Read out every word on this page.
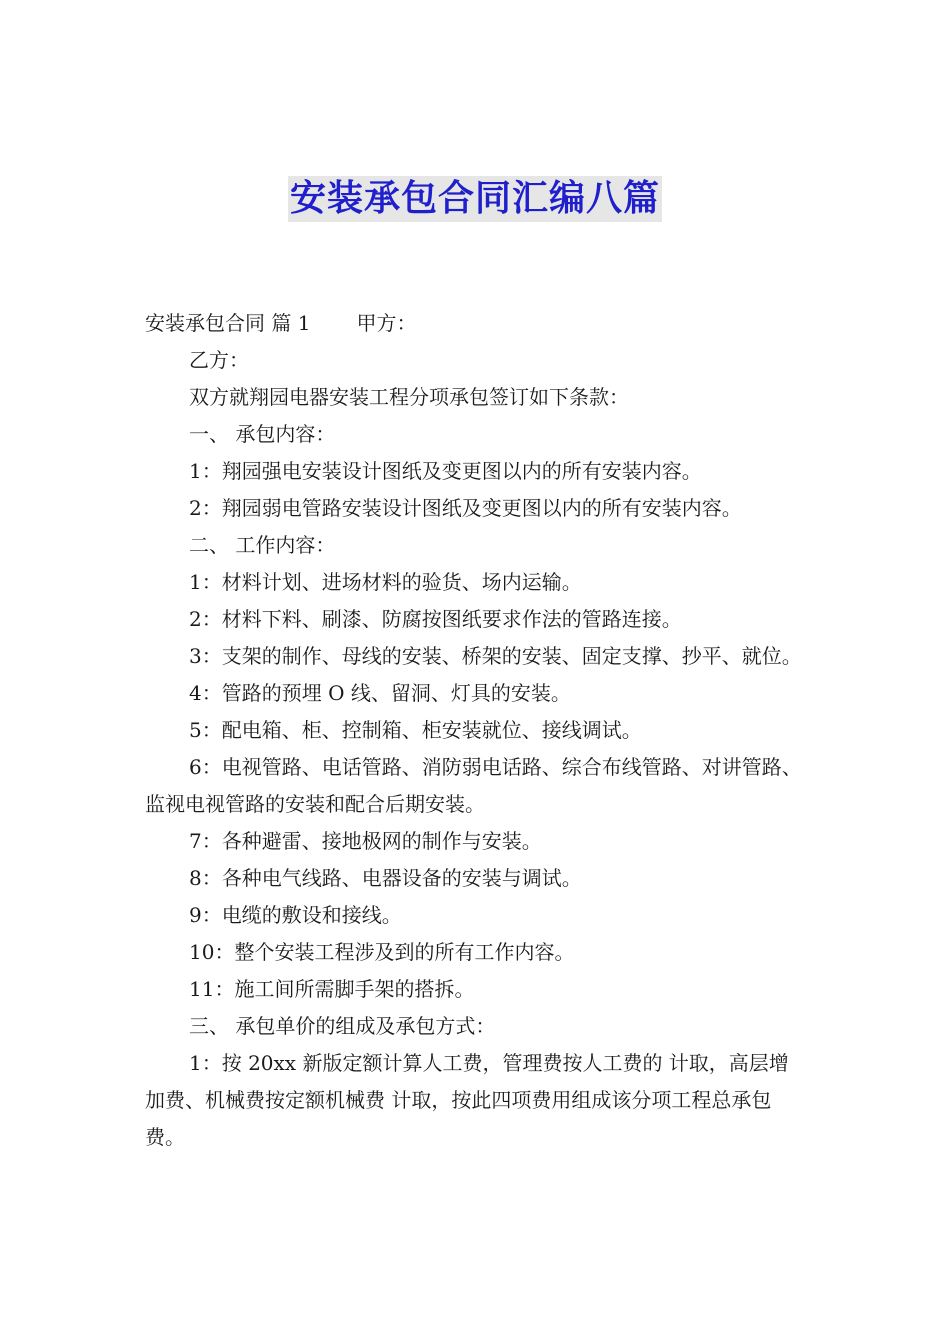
安装承包合同汇编八篇

安装承包合同 篇 1 甲方：

乙方：

双方就翔园电器安装工程分项承包签订如下条款：

一、 承包内容：

1：翔园强电安装设计图纸及变更图以内的所有安装内容。

2：翔园弱电管路安装设计图纸及变更图以内的所有安装内容。

二、 工作内容：

1：材料计划、进场材料的验货、场内运输。

2：材料下料、刷漆、防腐按图纸要求作法的管路连接。

3：支架的制作、母线的安装、桥架的安装、固定支撑、抄平、就位。

4：管路的预埋 O 线、留洞、灯具的安装。

5：配电箱、柜、控制箱、柜安装就位、接线调试。

6：电视管路、电话管路、消防弱电话路、综合布线管路、对讲管路、监视电视管路的安装和配合后期安装。

7：各种避雷、接地极网的制作与安装。

8：各种电气线路、电器设备的安装与调试。

9：电缆的敷设和接线。

10：整个安装工程涉及到的所有工作内容。

11：施工间所需脚手架的搭拆。

三、 承包单价的组成及承包方式：

1：按 20xx 新版定额计算人工费，管理费按人工费的 计取，高层增加费、机械费按定额机械费 计取，按此四项费用组成该分项工程总承包费。
